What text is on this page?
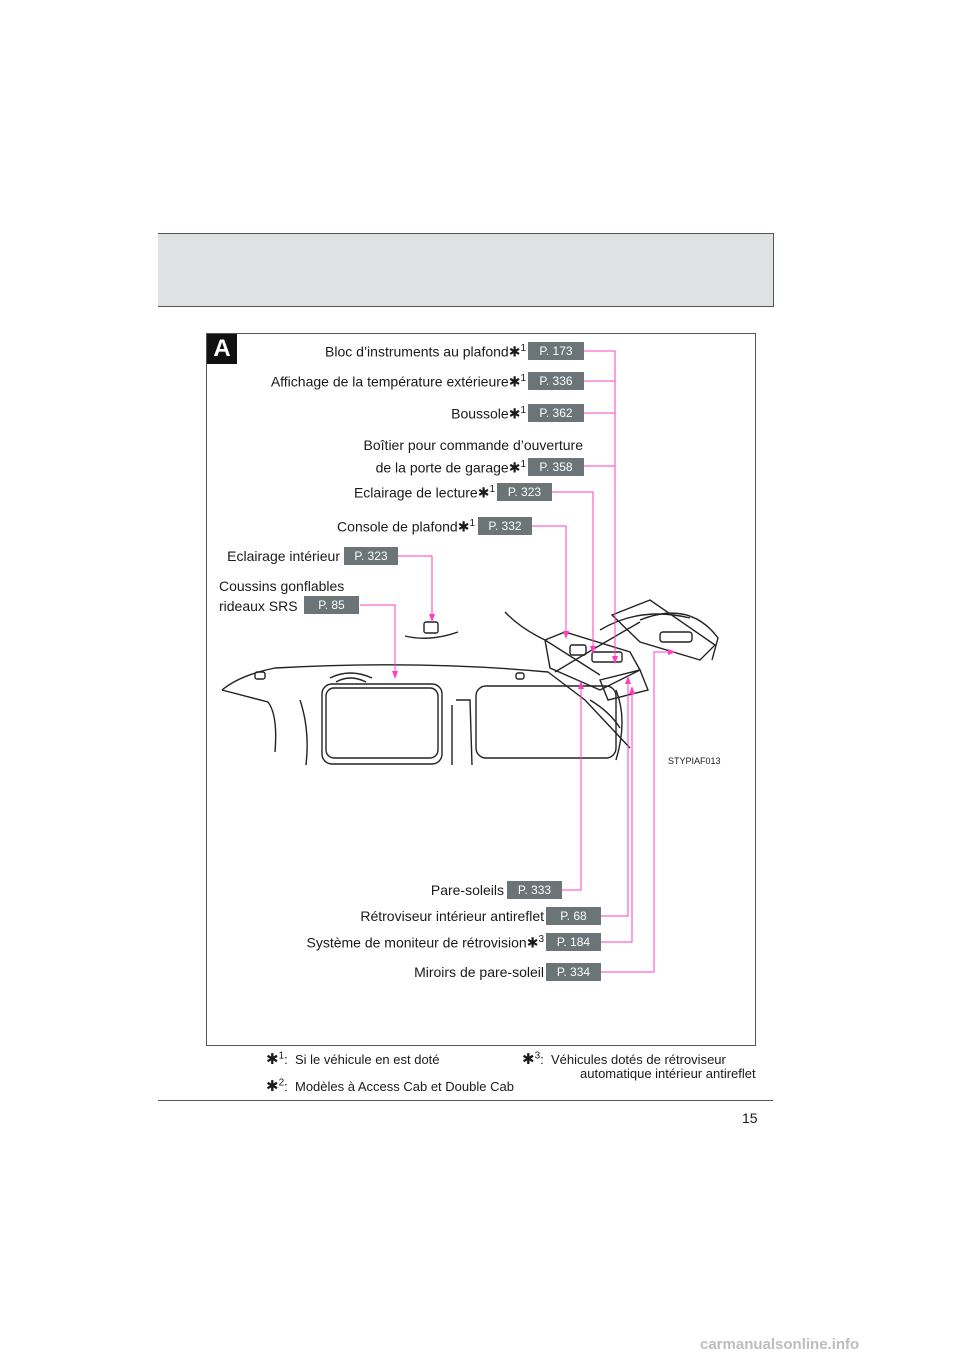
A	Bloc d’instruments au plafond✱$^1$	P. 173
Affichage de la température extérieure✱$^1$	P. 336
Boussole✱$^1$	P. 362
Boîtier pour commande d’ouverture
de la porte de garage✱$^1$	P. 358
Eclairage de lecture✱$^1$	P. 323
Console de plafond✱$^1$	P. 332
Eclairage intérieur	P. 323
Coussins gonflables
rideaux SRS	P. 85
STYPIAF013
Pare-soleils	P. 333
Rétroviseur intérieur antireflet	P. 68
Système de moniteur de rétrovision✱$^3$	P. 184
Miroirs de pare-soleil	P. 334
✱$^1$:  Si le véhicule en est doté
✱$^2$:  Modèles à Access Cab et Double Cab
✱$^3$:  Véhicules dotés de rétroviseur
automatique intérieur antireflet
15
carmanualsonline.info
